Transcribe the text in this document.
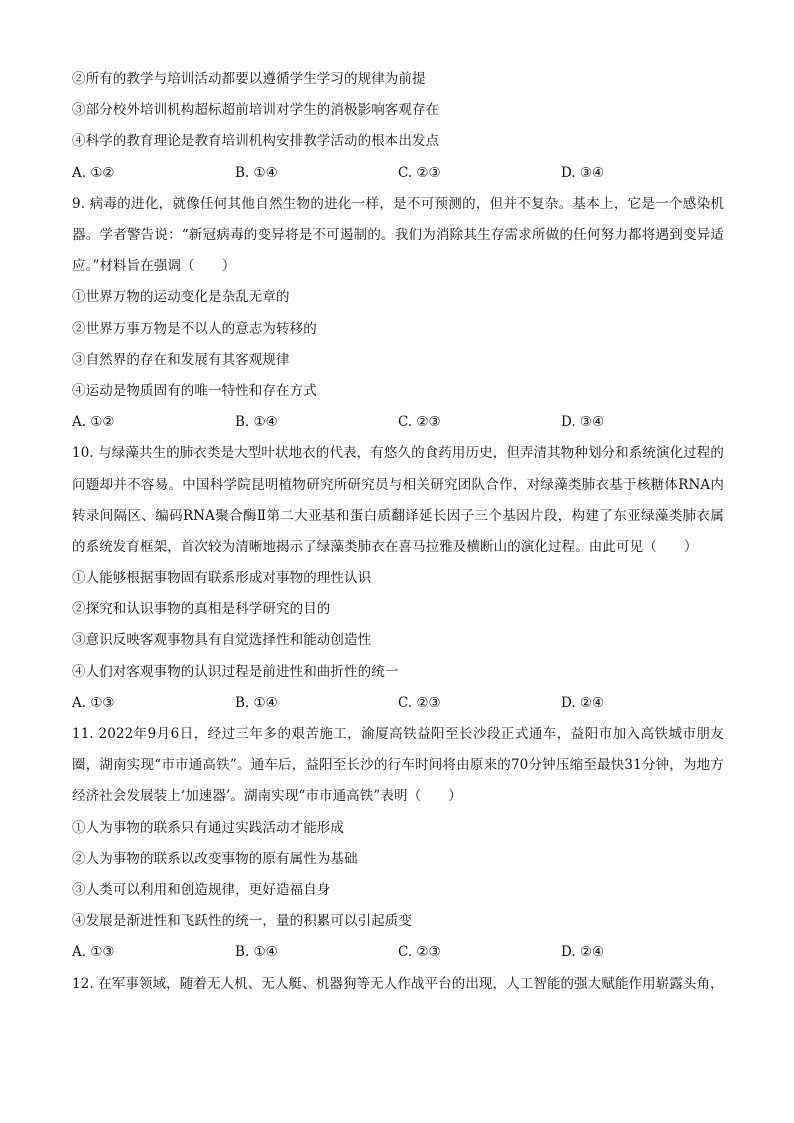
②所有的教学与培训活动都要以遵循学生学习的规律为前提
③部分校外培训机构超标超前培训对学生的消极影响客观存在
④科学的教育理论是教育培训机构安排教学活动的根本出发点
A. ①②	B. ①④	C. ②③	D. ③④
9. 病毒的进化，就像任何其他自然生物的进化一样，是不可预测的，但并不复杂。基本上，它是一个感染机器。学者警告说：“新冠病毒的变异将是不可遏制的。我们为消除其生存需求所做的任何努力都将遇到变异适应。”材料旨在强调（　　）
①世界万物的运动变化是杂乱无章的
②世界万事万物是不以人的意志为转移的
③自然界的存在和发展有其客观规律
④运动是物质固有的唯一特性和存在方式
A. ①②	B. ①④	C. ②③	D. ③④
10. 与绿藻共生的肺衣类是大型叶状地衣的代表，有悠久的食药用历史，但弄清其物种划分和系统演化过程的问题却并不容易。中国科学院昆明植物研究所研究员与相关研究团队合作，对绿藻类肺衣基于核糖体RNA内转录间隔区、编码RNA聚合酶Ⅱ第二大亚基和蛋白质翻译延长因子三个基因片段，构建了东亚绿藻类肺衣属的系统发育框架，首次较为清晰地揭示了绿藻类肺衣在喜马拉雅及横断山的演化过程。由此可见（　　）
①人能够根据事物固有联系形成对事物的理性认识
②探究和认识事物的真相是科学研究的目的
③意识反映客观事物具有自觉选择性和能动创造性
④人们对客观事物的认识过程是前进性和曲折性的统一
A. ①③	B. ①④	C. ②③	D. ②④
11. 2022年9月6日，经过三年多的艰苦施工，渝厦高铁益阳至长沙段正式通车，益阳市加入高铁城市朋友圈，湖南实现“市市通高铁”。通车后，益阳至长沙的行车时间将由原来的70分钟压缩至最快31分钟，为地方经济社会发展装上‘加速器’。湖南实现“市市通高铁”表明（　　）
①人为事物的联系只有通过实践活动才能形成
②人为事物的联系以改变事物的原有属性为基础
③人类可以利用和创造规律，更好造福自身
④发展是渐进性和飞跃性的统一，量的积累可以引起质变
A. ①③	B. ①④	C. ②③	D. ②④
12. 在军事领域，随着无人机、无人艇、机器狗等无人作战平台的出现，人工智能的强大赋能作用崭露头角，
